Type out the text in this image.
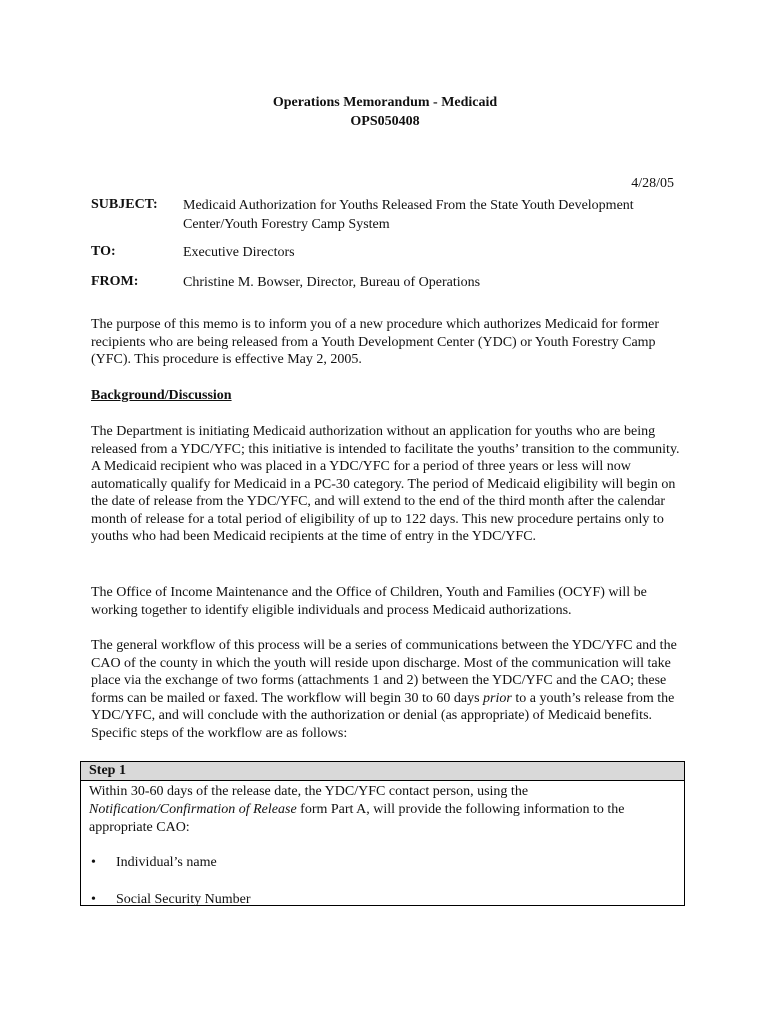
Operations Memorandum - Medicaid
OPS050408
4/28/05
SUBJECT: Medicaid Authorization for Youths Released From the State Youth Development Center/Youth Forestry Camp System
TO:	Executive Directors
FROM:	Christine M. Bowser, Director, Bureau of Operations
The purpose of this memo is to inform you of a new procedure which authorizes Medicaid for former recipients who are being released from a Youth Development Center (YDC) or Youth Forestry Camp (YFC). This procedure is effective May 2, 2005.
Background/Discussion
The Department is initiating Medicaid authorization without an application for youths who are being released from a YDC/YFC; this initiative is intended to facilitate the youths’ transition to the community. A Medicaid recipient who was placed in a YDC/YFC for a period of three years or less will now automatically qualify for Medicaid in a PC-30 category. The period of Medicaid eligibility will begin on the date of release from the YDC/YFC, and will extend to the end of the third month after the calendar month of release for a total period of eligibility of up to 122 days. This new procedure pertains only to youths who had been Medicaid recipients at the time of entry in the YDC/YFC.
The Office of Income Maintenance and the Office of Children, Youth and Families (OCYF) will be working together to identify eligible individuals and process Medicaid authorizations.
The general workflow of this process will be a series of communications between the YDC/YFC and the CAO of the county in which the youth will reside upon discharge. Most of the communication will take place via the exchange of two forms (attachments 1 and 2) between the YDC/YFC and the CAO; these forms can be mailed or faxed. The workflow will begin 30 to 60 days prior to a youth’s release from the YDC/YFC, and will conclude with the authorization or denial (as appropriate) of Medicaid benefits. Specific steps of the workflow are as follows:
Step 1
Within 30-60 days of the release date, the YDC/YFC contact person, using the Notification/Confirmation of Release form Part A, will provide the following information to the appropriate CAO:
• Individual’s name
• Social Security Number
